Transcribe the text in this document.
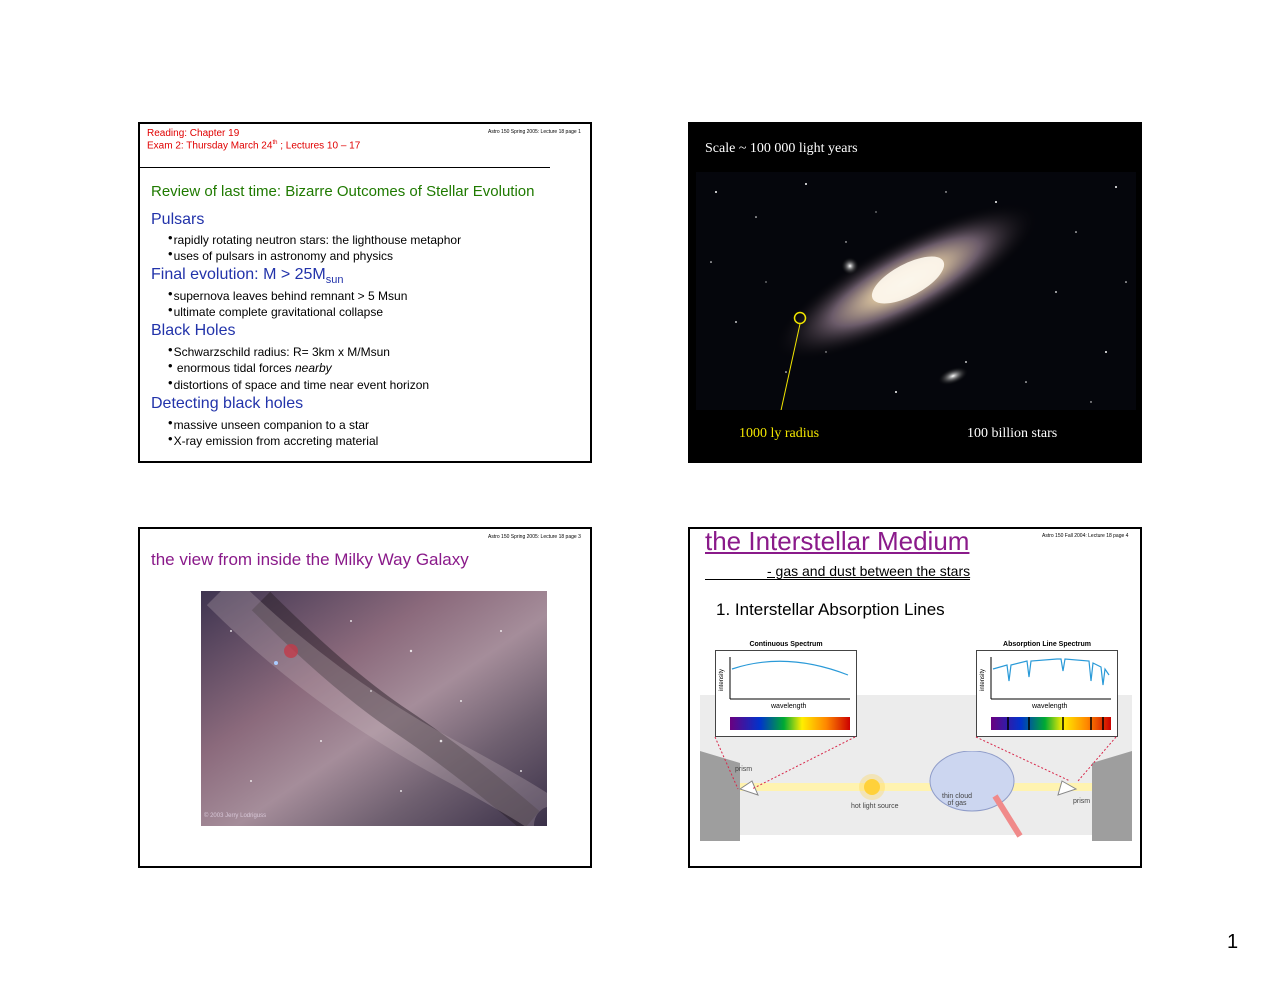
Astro 150 Spring 2005: Lecture 18 page 1
Reading: Chapter 19
Exam 2: Thursday March 24th ; Lectures 10 – 17
Review of last time: Bizarre Outcomes of Stellar Evolution
Pulsars
• rapidly rotating neutron stars: the lighthouse metaphor
• uses of pulsars in astronomy and physics
Final evolution: $M > 25M_{sun}$
• supernova leaves behind remnant > 5 Msun
• ultimate complete gravitational collapse
Black Holes
• Schwarzschild radius: R= 3km x M/Msun
• enormous tidal forces nearby
• distortions of space and time near event horizon
Detecting black holes
• massive unseen companion to a star
• X-ray emission from accreting material
Scale ~ 100 000 light years
1000 ly radius	100 billion stars
Astro 150 Spring 2005: Lecture 18 page 3
the view from inside the Milky Way Galaxy
© 2003 Jerry Lodriguss
Astro 150 Fall 2004: Lecture 18 page 4
the Interstellar Medium
- gas and dust between the stars
1. Interstellar Absorption Lines
prism
prism
hot light source
thin cloud of gas
Continuous Spectrum
intensity
wavelength
Absorption Line Spectrum
intensity
wavelength
1
